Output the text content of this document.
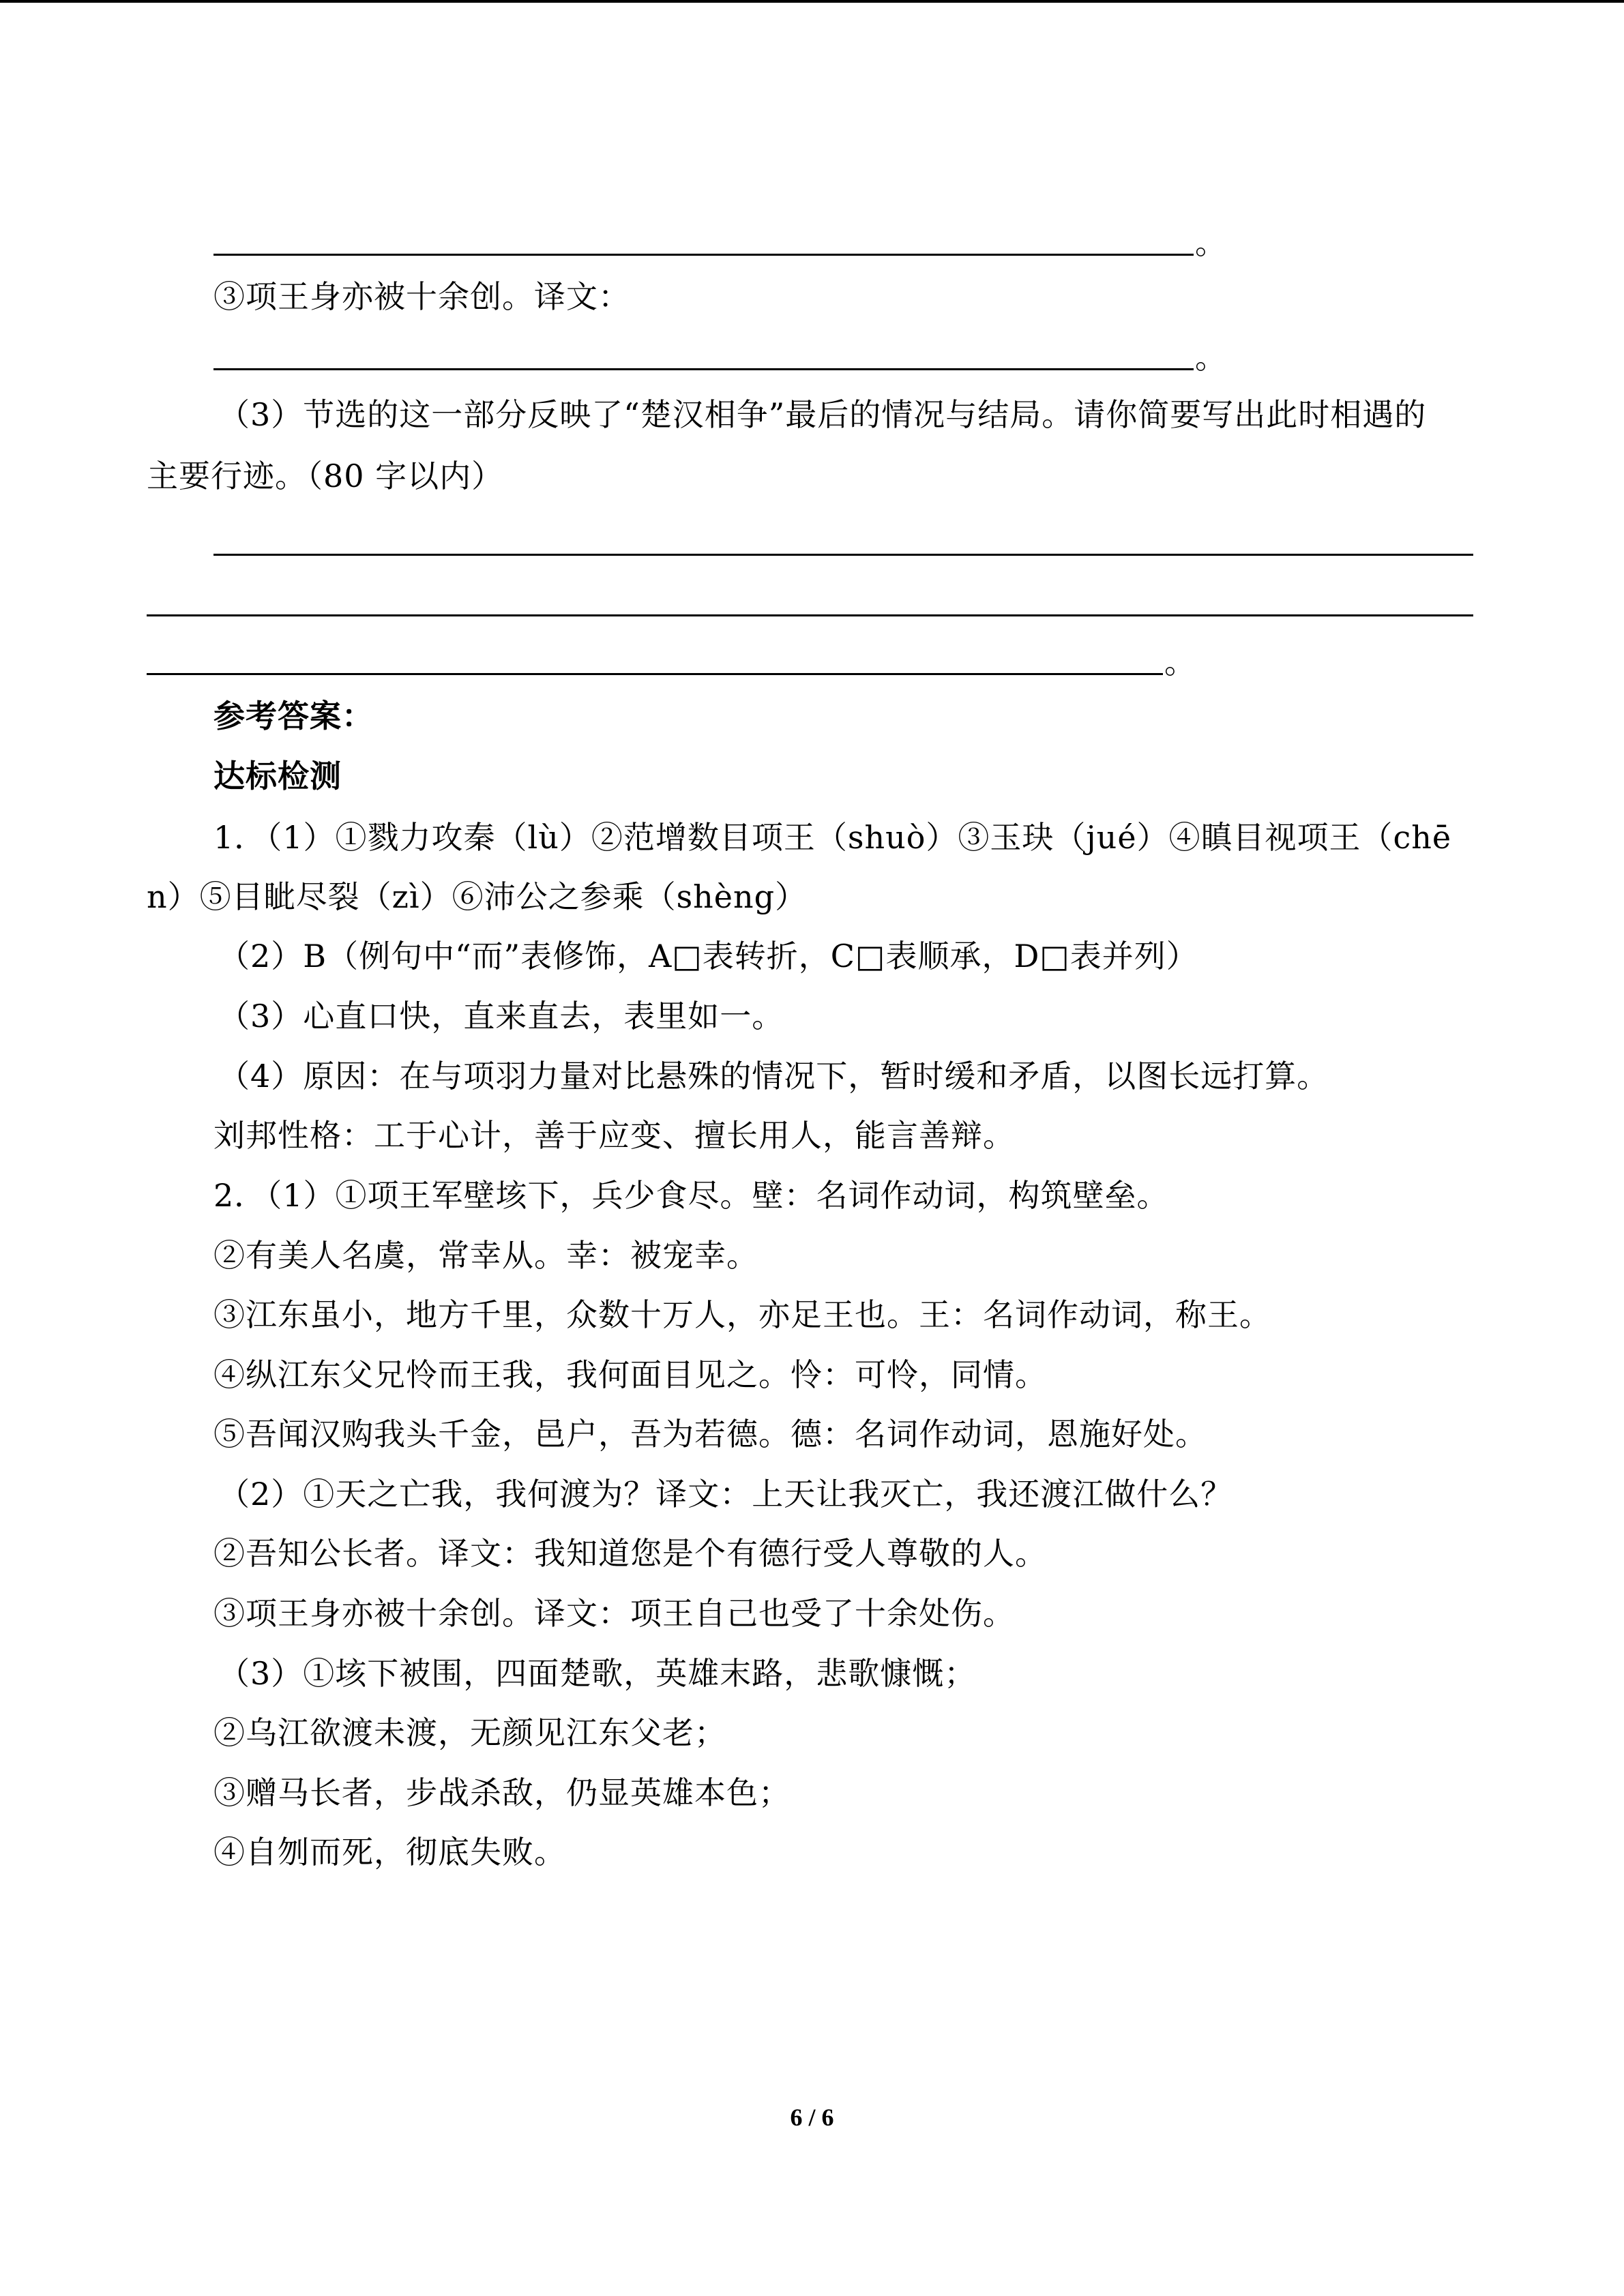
。
③项王身亦被十余创。译文：
。
（3）节选的这一部分反映了“楚汉相争”最后的情况与结局。请你简要写出此时相遇的
主要行迹。（80 字以内）
。
参考答案：
达标检测
1．（1）①戮力攻秦（lù）②范增数目项王（shuò）③玉玦（jué）④瞋目视项王（chē
n）⑤目眦尽裂（zì）⑥沛公之参乘（shèng）
（2）B（例句中“而”表修饰，A□表转折，C□表顺承，D□表并列）
（3）心直口快，直来直去，表里如一。
（4）原因：在与项羽力量对比悬殊的情况下，暂时缓和矛盾，以图长远打算。
刘邦性格：工于心计，善于应变、擅长用人，能言善辩。
2．（1）①项王军壁垓下，兵少食尽。壁：名词作动词，构筑壁垒。
②有美人名虞，常幸从。幸：被宠幸。
③江东虽小，地方千里，众数十万人，亦足王也。王：名词作动词，称王。
④纵江东父兄怜而王我，我何面目见之。怜：可怜，同情。
⑤吾闻汉购我头千金，邑户，吾为若德。德：名词作动词，恩施好处。
（2）①天之亡我，我何渡为？译文：上天让我灭亡，我还渡江做什么？
②吾知公长者。译文：我知道您是个有德行受人尊敬的人。
③项王身亦被十余创。译文：项王自己也受了十余处伤。
（3）①垓下被围，四面楚歌，英雄末路，悲歌慷慨；
②乌江欲渡未渡，无颜见江东父老；
③赠马长者，步战杀敌，仍显英雄本色；
④自刎而死，彻底失败。
6 / 6
